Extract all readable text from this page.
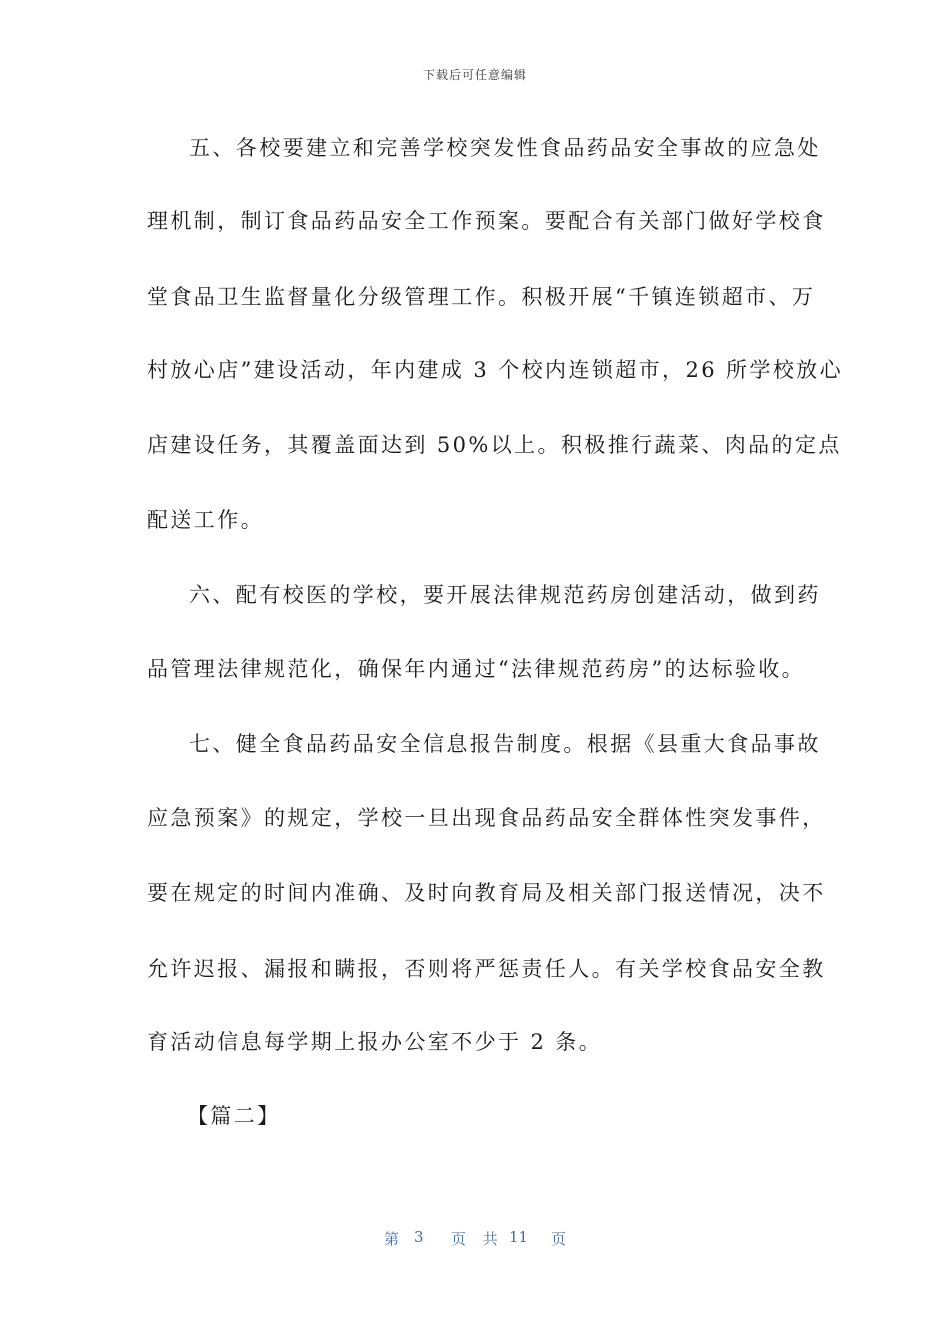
下载后可任意编辑
五、各校要建立和完善学校突发性食品药品安全事故的应急处
理机制，制订食品药品安全工作预案。要配合有关部门做好学校食
堂食品卫生监督量化分级管理工作。积极开展“千镇连锁超市、万
村放心店”建设活动，年内建成 3 个校内连锁超市，26 所学校放心
店建设任务，其覆盖面达到 50%以上。积极推行蔬菜、肉品的定点
配送工作。
六、配有校医的学校，要开展法律规范药房创建活动，做到药
品管理法律规范化，确保年内通过“法律规范药房”的达标验收。
七、健全食品药品安全信息报告制度。根据《县重大食品事故
应急预案》的规定，学校一旦出现食品药品安全群体性突发事件，
要在规定的时间内准确、及时向教育局及相关部门报送情况，决不
允许迟报、漏报和瞒报，否则将严惩责任人。有关学校食品安全教
育活动信息每学期上报办公室不少于 2 条。
【篇二】
第 3 页 共 11 页
